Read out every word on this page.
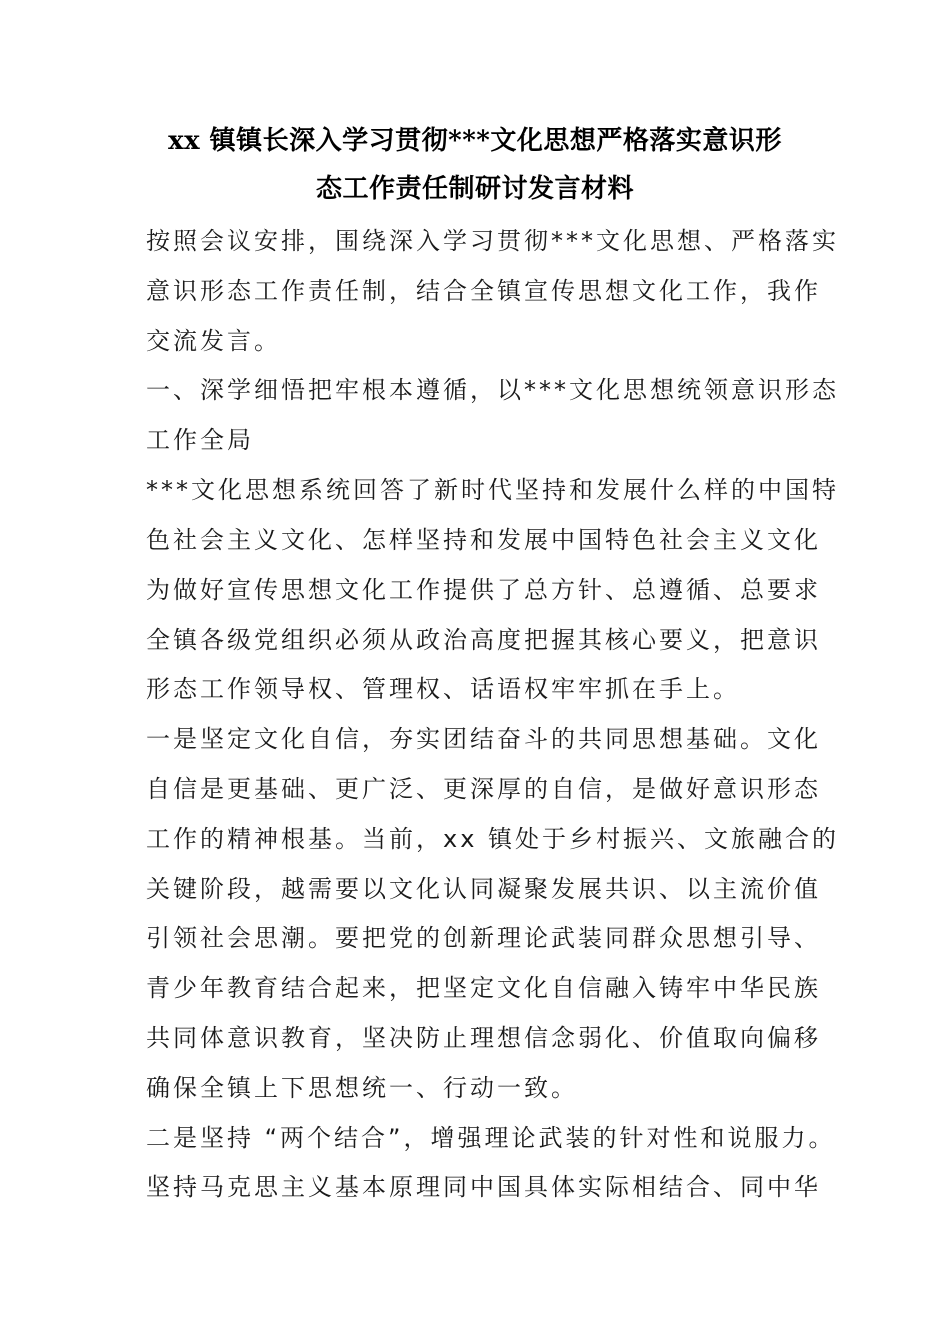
xx 镇镇长深入学习贯彻***文化思想严格落实意识形
态工作责任制研讨发言材料
按照会议安排，围绕深入学习贯彻***文化思想、严格落实
意识形态工作责任制，结合全镇宣传思想文化工作，我作
交流发言。
一、深学细悟把牢根本遵循，以***文化思想统领意识形态
工作全局
***文化思想系统回答了新时代坚持和发展什么样的中国特
色社会主义文化、怎样坚持和发展中国特色社会主义文化
为做好宣传思想文化工作提供了总方针、总遵循、总要求
全镇各级党组织必须从政治高度把握其核心要义，把意识
形态工作领导权、管理权、话语权牢牢抓在手上。
一是坚定文化自信，夯实团结奋斗的共同思想基础。文化
自信是更基础、更广泛、更深厚的自信，是做好意识形态
工作的精神根基。当前，xx 镇处于乡村振兴、文旅融合的
关键阶段，越需要以文化认同凝聚发展共识、以主流价值
引领社会思潮。要把党的创新理论武装同群众思想引导、
青少年教育结合起来，把坚定文化自信融入铸牢中华民族
共同体意识教育，坚决防止理想信念弱化、价值取向偏移
确保全镇上下思想统一、行动一致。
二是坚持 “两个结合”，增强理论武装的针对性和说服力。
坚持马克思主义基本原理同中国具体实际相结合、同中华
